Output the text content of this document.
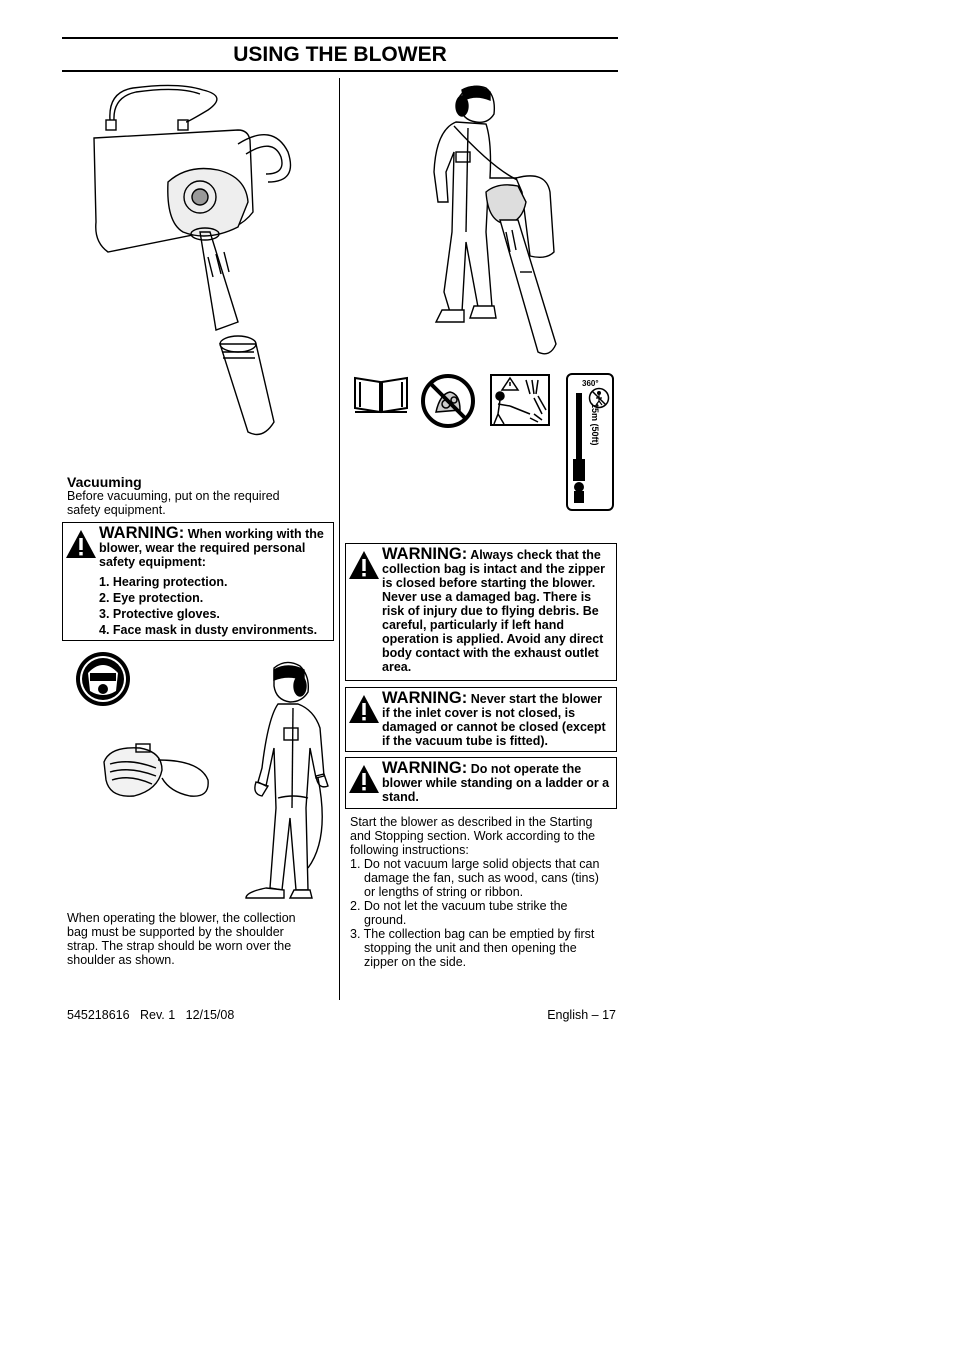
USING THE BLOWER
Vacuuming
Before vacuuming, put on the required safety equipment.
WARNING: When working with the blower, wear the required personal safety equipment:
1. Hearing protection.
2. Eye protection.
3. Protective gloves.
4. Face mask in dusty environments.
When operating the blower, the collection bag must be supported by the shoulder strap. The strap should be worn over the shoulder as shown.
360°
15m (50ft)
WARNING: Always check that the collection bag is intact and the zipper is closed before starting the blower. Never use a damaged bag. There is risk of injury due to flying debris. Be careful, particularly if left hand operation is applied. Avoid any direct body contact with the exhaust outlet area.
WARNING: Never start the blower if the inlet cover is not closed, is damaged or cannot be closed (except if the vacuum tube is fitted).
WARNING: Do not operate the blower while standing on a ladder or a stand.
Start the blower as described in the Starting and Stopping section. Work according to the following instructions:
1. Do not vacuum large solid objects that can damage the fan, such as wood, cans (tins) or lengths of string or ribbon.
2. Do not let the vacuum tube strike the ground.
3. The collection bag can be emptied by first stopping the unit and then opening the zipper on the side.
545218616 Rev. 1 12/15/08	English – 17
